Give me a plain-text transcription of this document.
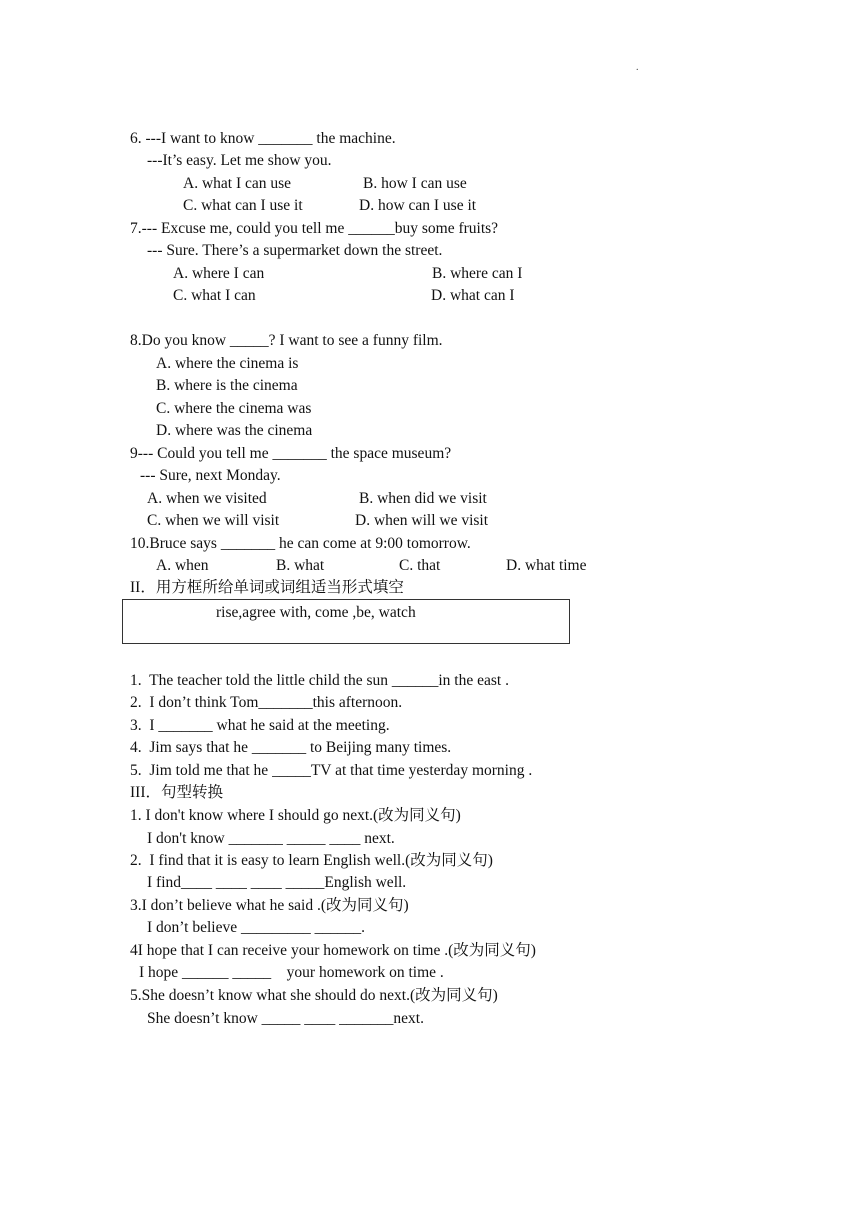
.
6. ---I want to know _______ the machine.
---It’s easy. Let me show you.
A. what I can use	B. how I can use
C. what can I use it	D. how can I use it
7.--- Excuse me, could you tell me ______buy some fruits?
--- Sure. There’s a supermarket down the street.
A. where I can	B. where can I
C. what I can	D. what can I
8.Do you know _____? I want to see a funny film.
A. where the cinema is
B. where is the cinema
C. where the cinema was
D. where was the cinema
9--- Could you tell me _______ the space museum?
--- Sure, next Monday.
A. when we visited	B. when did we visit
C. when we will visit	D. when will we visit
10.Bruce says _______ he can come at 9:00 tomorrow.
A. when	B. what	C. that	D. what time
II．用方框所给单词或词组适当形式填空
rise,agree with, come ,be, watch
1.  The teacher told the little child the sun ______in the east .
2.  I don’t think Tom_______this afternoon.
3.  I _______ what he said at the meeting.
4.  Jim says that he _______ to Beijing many times.
5.  Jim told me that he _____TV at that time yesterday morning .
III．句型转换
1. I don't know where I should go next.(改为同义句)
I don't know _______ _____ ____ next.
2.  I find that it is easy to learn English well.(改为同义句)
I find____ ____ ____ _____English well.
3.I don’t believe what he said .(改为同义句)
I don’t believe _________ ______.
4I hope that I can receive your homework on time .(改为同义句)
I hope ______ _____    your homework on time .
5.She doesn’t know what she should do next.(改为同义句)
She doesn’t know _____ ____ _______next.
